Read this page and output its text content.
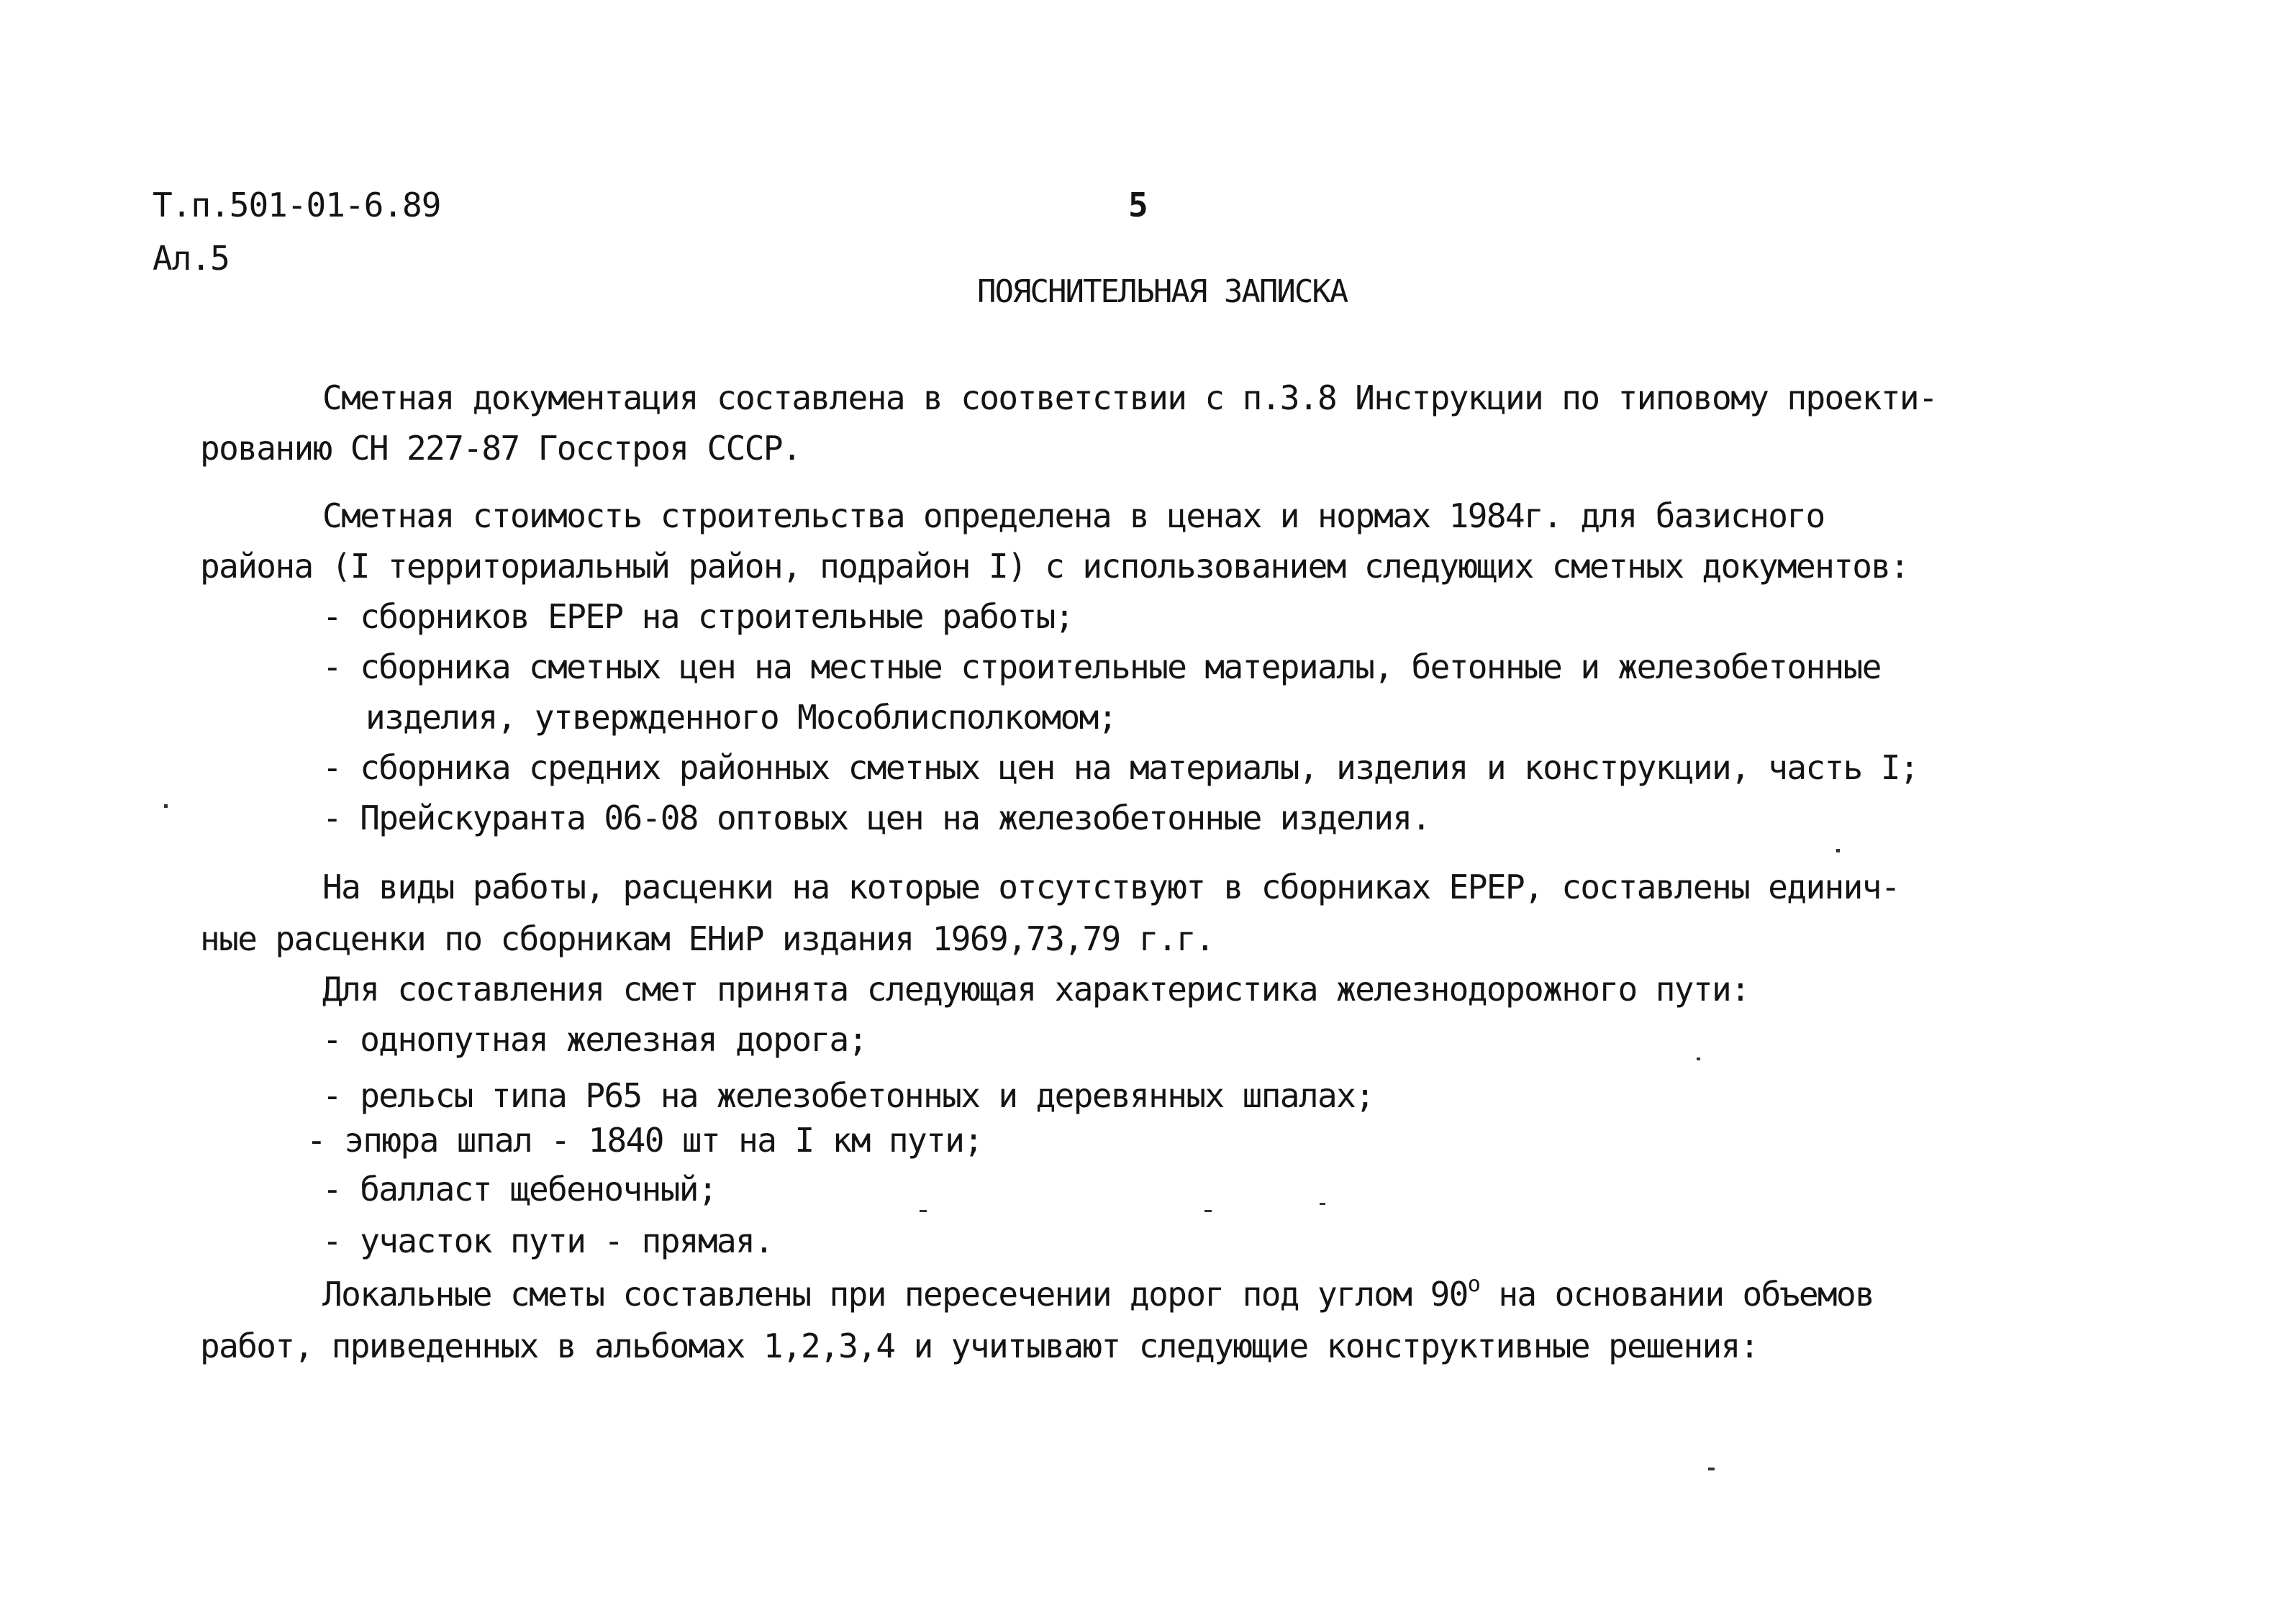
Т.п.501-01-6.89
Ал.5
5
ПОЯСНИТЕЛЬНАЯ ЗАПИСКА
Сметная документация составлена в соответствии с п.3.8 Инструкции по типовому проекти-
рованию СН 227-87 Госстроя СССР.
Сметная стоимость строительства определена в ценах и нормах 1984г. для базисного
района (I территориальный район, подрайон I) с использованием следующих сметных документов:
- сборников ЕРЕР на строительные работы;
- сборника сметных цен на местные строительные материалы, бетонные и железобетонные
изделия, утвержденного Мособлисполкомом;
- сборника средних районных сметных цен на материалы, изделия и конструкции, часть I;
- Прейскуранта 06-08 оптовых цен на железобетонные изделия.
На виды работы, расценки на которые отсутствуют в сборниках ЕРЕР, составлены единич-
ные расценки по сборникам ЕНиР издания 1969,73,79 г.г.
Для составления смет принята следующая характеристика железнодорожного пути:
- однопутная железная дорога;
- рельсы типа Р65 на железобетонных и деревянных шпалах;
- эпюра шпал - 1840 шт на I км пути;
- балласт щебеночный;
- участок пути - прямая.
Локальные сметы составлены при пересечении дорог под углом $90^о$ на основании объемов
работ, приведенных в альбомах 1,2,3,4 и учитывают следующие конструктивные решения:
